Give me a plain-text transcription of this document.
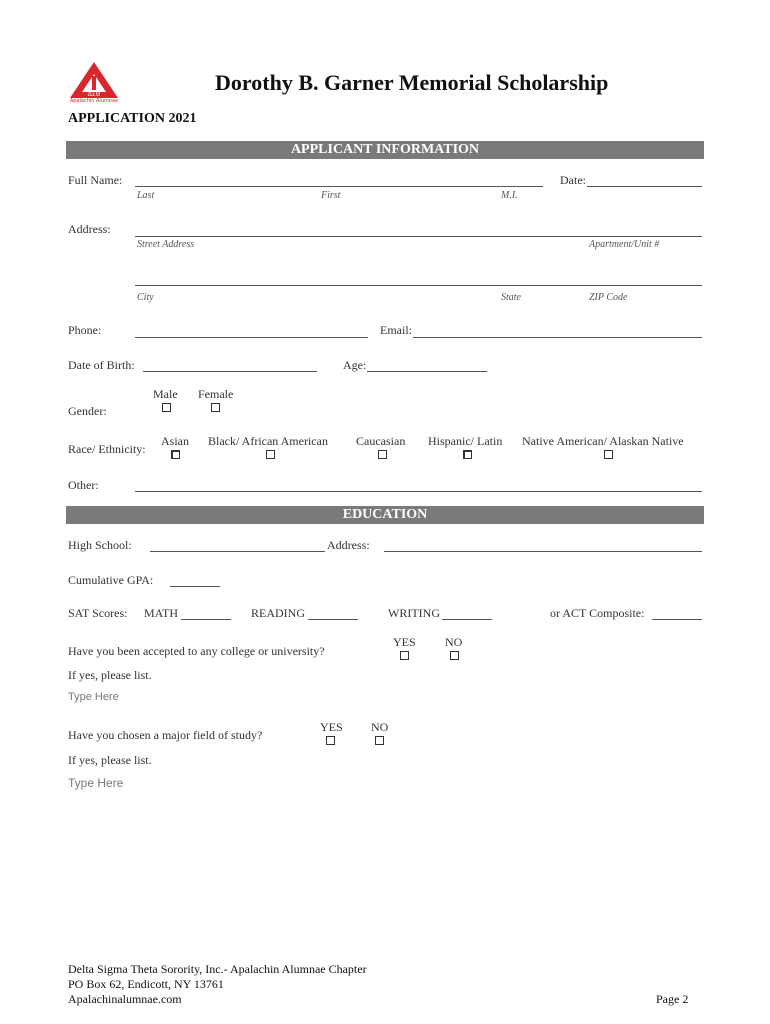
ΔΣΘ
Apalachin Alumnae
Dorothy B. Garner Memorial Scholarship
APPLICATION 2021
APPLICANT INFORMATION
Full Name:
Last	First	M.I.
Date:
Address:
Street Address	Apartment/Unit #
City	State	ZIP Code
Phone:	Email:
Date of Birth:	Age:
Male Female
Gender:
Asian Black/ African American Caucasian Hispanic/ Latin Native American/ Alaskan Native
Race/ Ethnicity:
Other:
EDUCATION
High School:	Address:
Cumulative GPA:
SAT Scores: MATH	READING	WRITING	or ACT Composite:
YES NO
Have you been accepted to any college or university?
If yes, please list.
Type Here
YES NO
Have you chosen a major field of study?
If yes, please list.
Type Here
Delta Sigma Theta Sorority, Inc.- Apalachin Alumnae Chapter
PO Box 62, Endicott, NY 13761
Apalachinalumnae.com	Page 2
